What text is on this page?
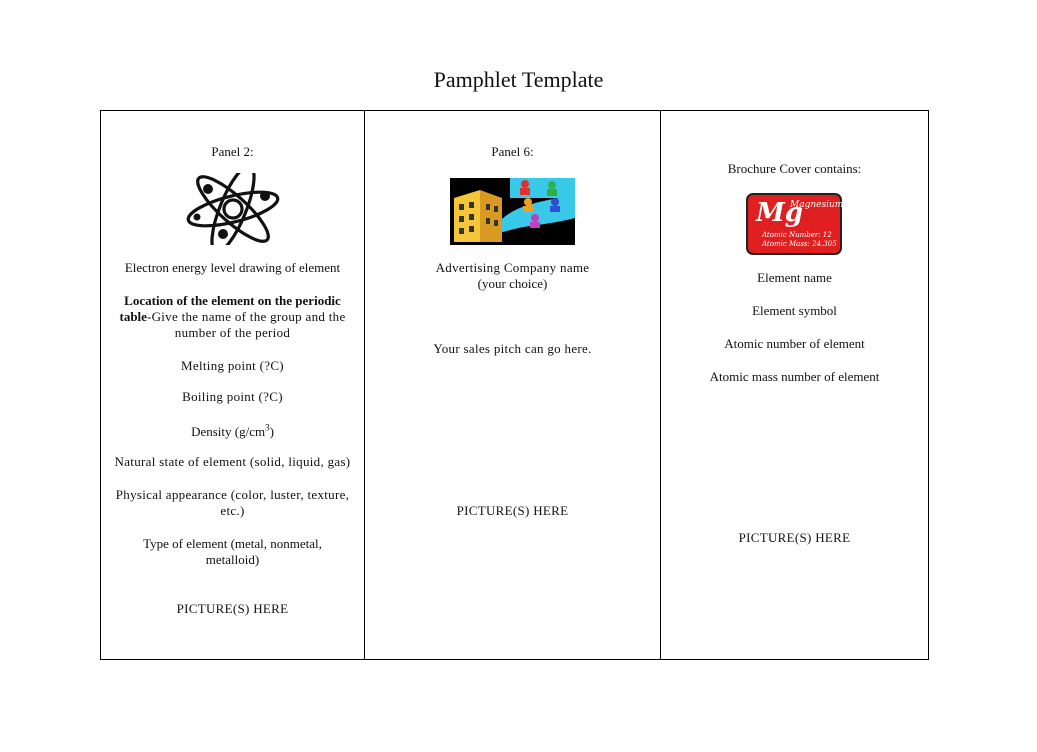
Pamphlet Template
Panel 2:
Electron energy level drawing of element
Location of the element on the periodic table-Give the name of the group and the number of the period
Melting point (?C)
Boiling point (?C)
Density $(g/cm^3)$
Natural state of element (solid, liquid, gas)
Physical appearance (color, luster, texture, etc.)
Type of element (metal, nonmetal, metalloid)
PICTURE(S) HERE
Panel 6:
Advertising Company name
(your choice)
Your sales pitch can go here.
PICTURE(S) HERE
Brochure Cover contains:
Mg
Magnesium
Atomic Number: 12
Atomic Mass: 24.305
Element name
Element symbol
Atomic number of element
Atomic mass number of element
PICTURE(S) HERE
